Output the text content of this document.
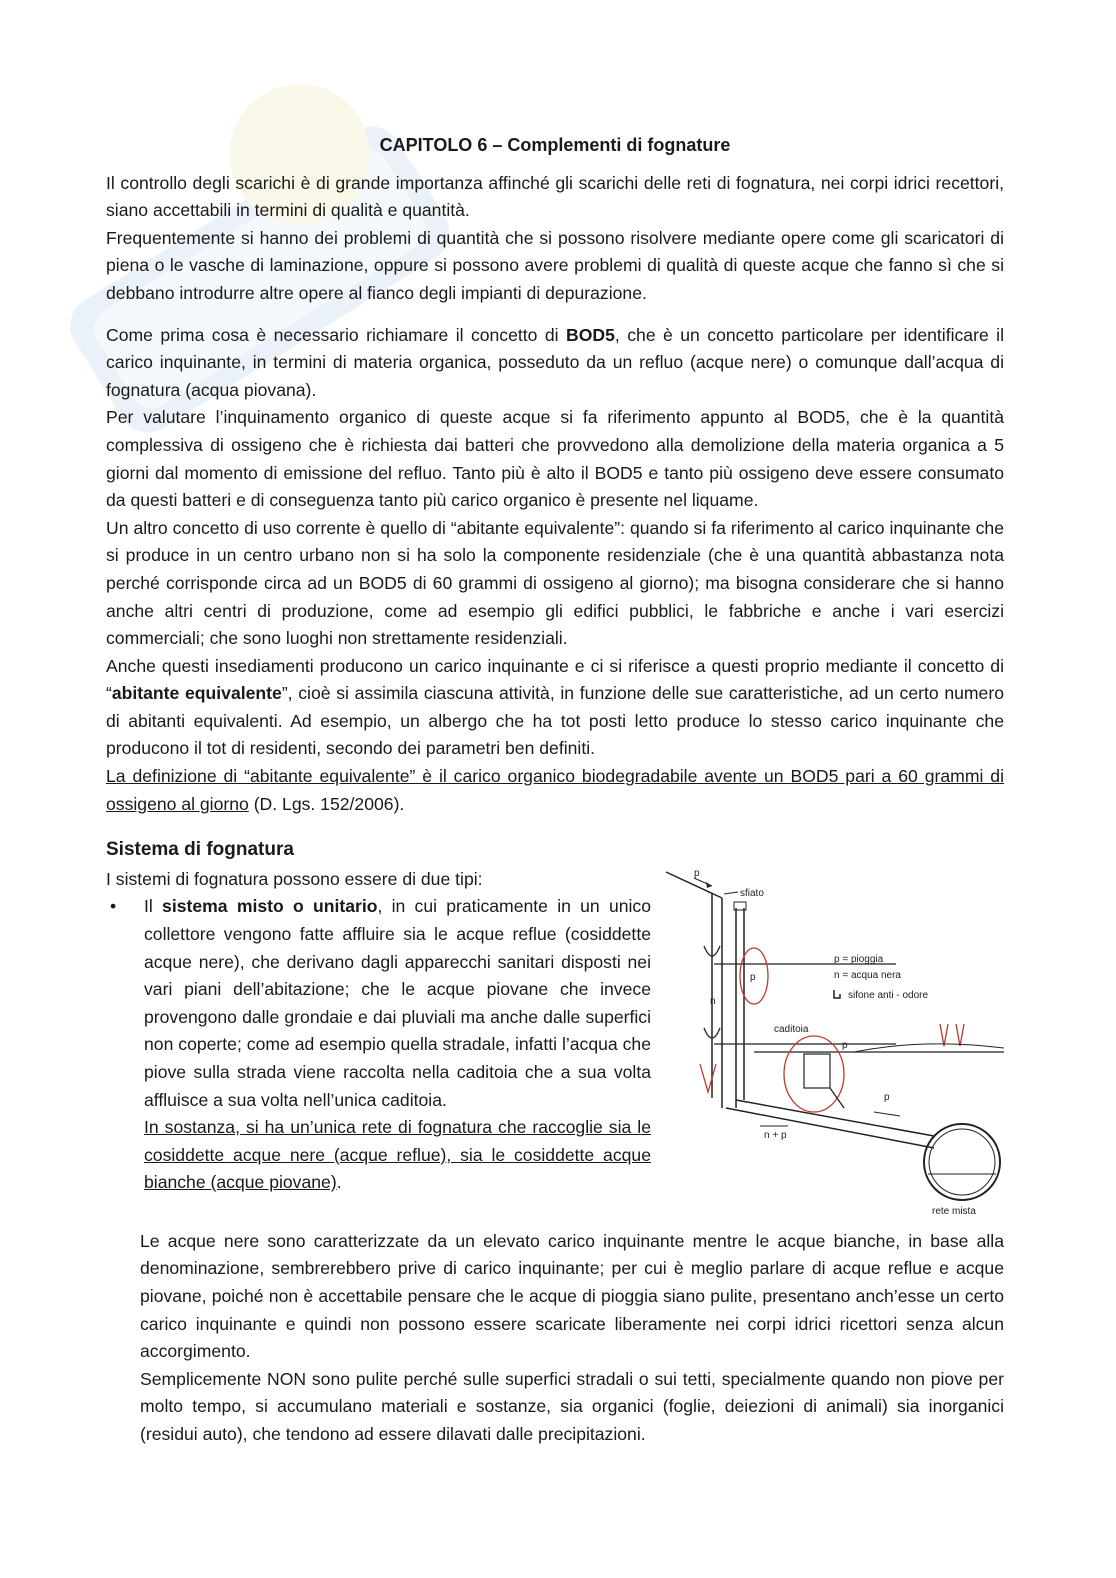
CAPITOLO 6 – Complementi di fognature

Il controllo degli scarichi è di grande importanza affinché gli scarichi delle reti di fognatura, nei corpi idrici recettori, siano accettabili in termini di qualità e quantità.

Frequentemente si hanno dei problemi di quantità che si possono risolvere mediante opere come gli scaricatori di piena o le vasche di laminazione, oppure si possono avere problemi di qualità di queste acque che fanno sì che si debbano introdurre altre opere al fianco degli impianti di depurazione.

Come prima cosa è necessario richiamare il concetto di BOD5, che è un concetto particolare per identificare il carico inquinante, in termini di materia organica, posseduto da un refluo (acque nere) o comunque dall’acqua di fognatura (acqua piovana).

Per valutare l’inquinamento organico di queste acque si fa riferimento appunto al BOD5, che è la quantità complessiva di ossigeno che è richiesta dai batteri che provvedono alla demolizione della materia organica a 5 giorni dal momento di emissione del refluo. Tanto più è alto il BOD5 e tanto più ossigeno deve essere consumato da questi batteri e di conseguenza tanto più carico organico è presente nel liquame.

Un altro concetto di uso corrente è quello di “abitante equivalente”: quando si fa riferimento al carico inquinante che si produce in un centro urbano non si ha solo la componente residenziale (che è una quantità abbastanza nota perché corrisponde circa ad un BOD5 di 60 grammi di ossigeno al giorno); ma bisogna considerare che si hanno anche altri centri di produzione, come ad esempio gli edifici pubblici, le fabbriche e anche i vari esercizi commerciali; che sono luoghi non strettamente residenziali.

Anche questi insediamenti producono un carico inquinante e ci si riferisce a questi proprio mediante il concetto di “abitante equivalente”, cioè si assimila ciascuna attività, in funzione delle sue caratteristiche, ad un certo numero di abitanti equivalenti. Ad esempio, un albergo che ha tot posti letto produce lo stesso carico inquinante che producono il tot di residenti, secondo dei parametri ben definiti.

La definizione di “abitante equivalente” è il carico organico biodegradabile avente un BOD5 pari a 60 grammi di ossigeno al giorno (D. Lgs. 152/2006).

Sistema di fognatura

I sistemi di fognatura possono essere di due tipi:

•	Il sistema misto o unitario, in cui praticamente in un unico collettore vengono fatte affluire sia le acque reflue (cosiddette acque nere), che derivano dagli apparecchi sanitari disposti nei vari piani dell’abitazione; che le acque piovane che invece provengono dalle grondaie e dai pluviali ma anche dalle superfici non coperte; come ad esempio quella stradale, infatti l’acqua che piove sulla strada viene raccolta nella caditoia che a sua volta affluisce a sua volta nell’unica caditoia.

In sostanza, si ha un’unica rete di fognatura che raccoglie sia le cosiddette acque nere (acque reflue), sia le cosiddette acque bianche (acque piovane).

p
sfiato
n
p
p = pioggia
n = acqua nera
sifone anti - odore
caditoia
p
p
n + p
rete mista

Le acque nere sono caratterizzate da un elevato carico inquinante mentre le acque bianche, in base alla denominazione, sembrerebbero prive di carico inquinante; per cui è meglio parlare di acque reflue e acque piovane, poiché non è accettabile pensare che le acque di pioggia siano pulite, presentano anch’esse un certo carico inquinante e quindi non possono essere scaricate liberamente nei corpi idrici ricettori senza alcun accorgimento.

Semplicemente NON sono pulite perché sulle superfici stradali o sui tetti, specialmente quando non piove per molto tempo, si accumulano materiali e sostanze, sia organici (foglie, deiezioni di animali) sia inorganici (residui auto), che tendono ad essere dilavati dalle precipitazioni.
